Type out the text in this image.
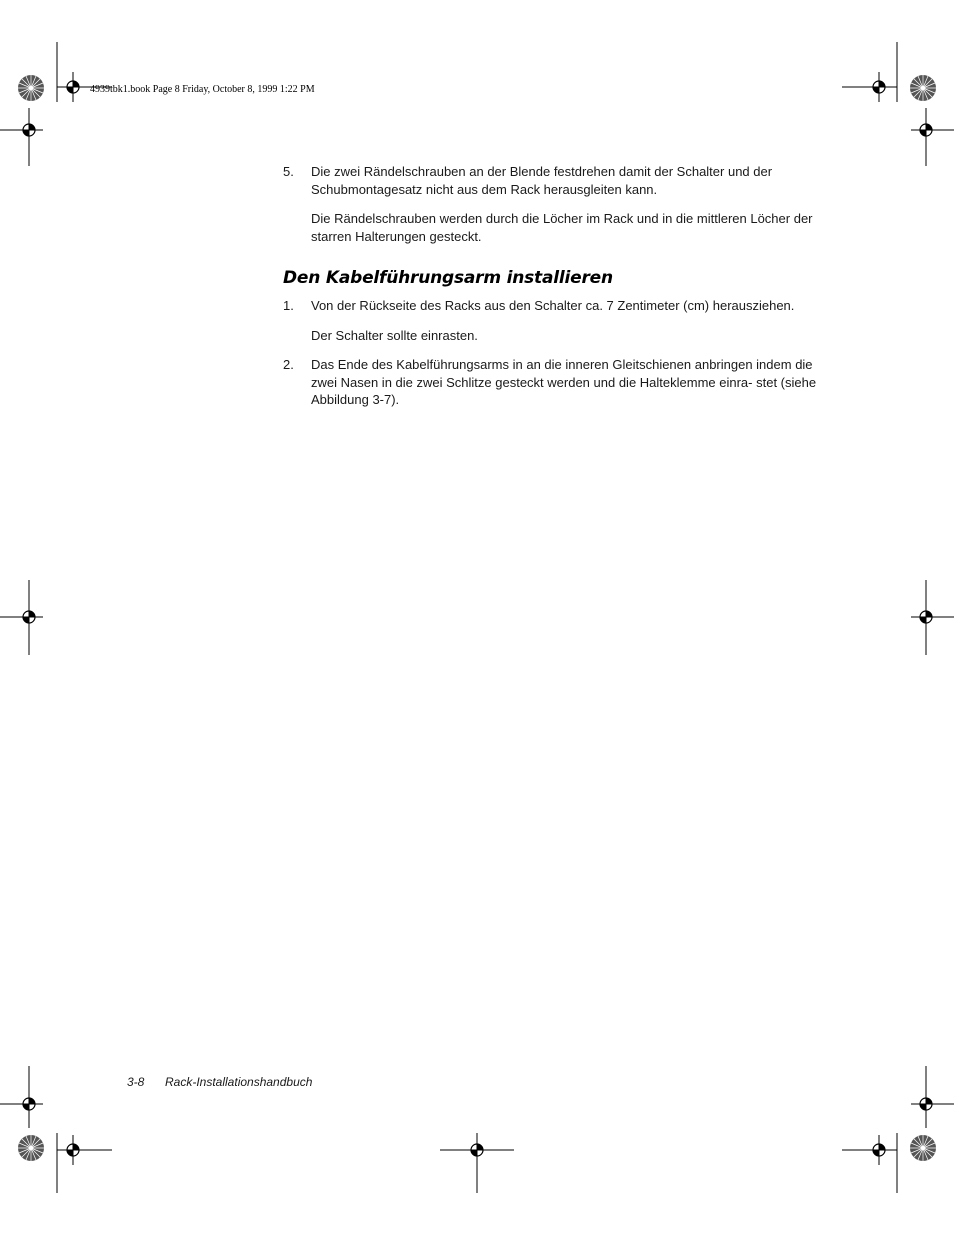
4939tbk1.book Page 8 Friday, October 8, 1999 1:22 PM
5. Die zwei Rändelschrauben an der Blende festdrehen damit der Schalter und der Schubmontagesatz nicht aus dem Rack herausgleiten kann.

Die Rändelschrauben werden durch die Löcher im Rack und in die mittleren Löcher der starren Halterungen gesteckt.

Den Kabelführungsarm installieren
1. Von der Rückseite des Racks aus den Schalter ca. 7 Zentimeter (cm) herausziehen.

Der Schalter sollte einrasten.

2. Das Ende des Kabelführungsarms in an die inneren Gleitschienen anbringen indem die zwei Nasen in die zwei Schlitze gesteckt werden und die Halteklemme einra- stet (siehe Abbildung 3-7).

3-8 Rack-Installationshandbuch
